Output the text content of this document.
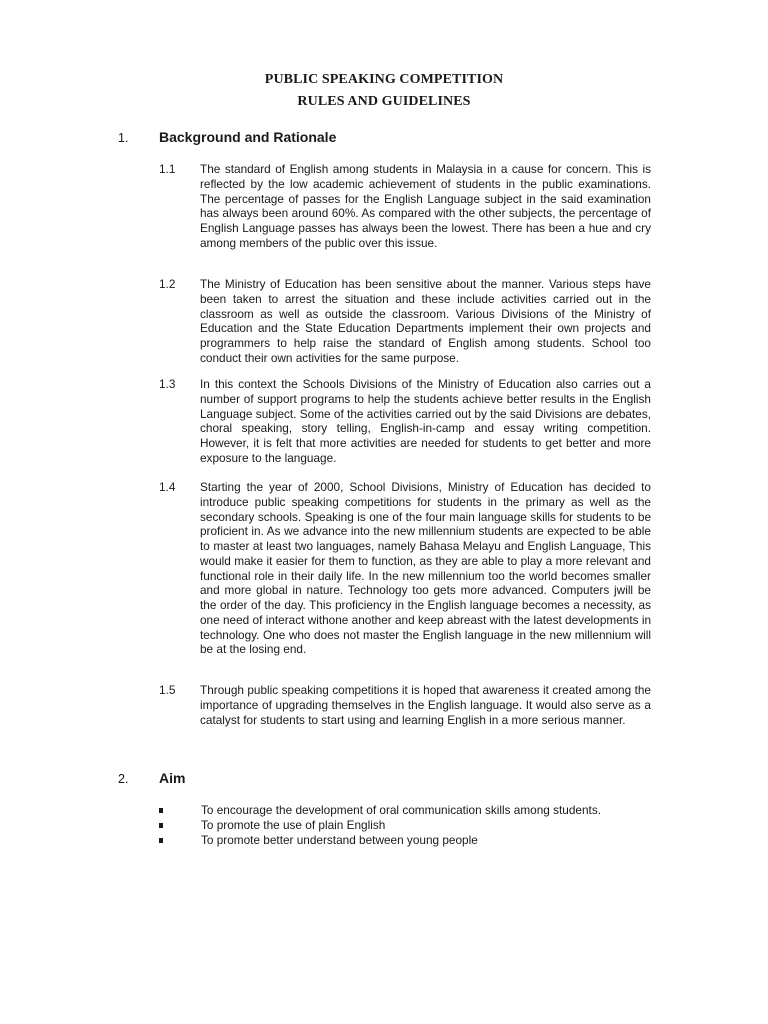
PUBLIC SPEAKING COMPETITION
RULES AND GUIDELINES
1. Background and Rationale
1.1 The standard of English among students in Malaysia in a cause for concern. This is reflected by the low academic achievement of students in the public examinations. The percentage of passes for the English Language subject in the said examination has always been around 60%. As compared with the other subjects, the percentage of English Language passes has always been the lowest. There has been a hue and cry among members of the public over this issue.
1.2 The Ministry of Education has been sensitive about the manner. Various steps have been taken to arrest the situation and these include activities carried out in the classroom as well as outside the classroom. Various Divisions of the Ministry of Education and the State Education Departments implement their own projects and programmers to help raise the standard of English among students. School too conduct their own activities for the same purpose.
1.3 In this context the Schools Divisions of the Ministry of Education also carries out a number of support programs to help the students achieve better results in the English Language subject. Some of the activities carried out by the said Divisions are debates, choral speaking, story telling, English-in-camp and essay writing competition. However, it is felt that more activities are needed for students to get better and more exposure to the language.
1.4 Starting the year of 2000, School Divisions, Ministry of Education has decided to introduce public speaking competitions for students in the primary as well as the secondary schools. Speaking is one of the four main language skills for students to be proficient in. As we advance into the new millennium students are expected to be able to master at least two languages, namely Bahasa Melayu and English Language, This would make it easier for them to function, as they are able to play a more relevant and functional role in their daily life. In the new millennium too the world becomes smaller and more global in nature. Technology too gets more advanced. Computers jwill be the order of the day. This proficiency in the English language becomes a necessity, as one need of interact withone another and keep abreast with the latest developments in technology. One who does not master the English language in the new millennium will be at the losing end.
1.5 Through public speaking competitions it is hoped that awareness it created among the importance of upgrading themselves in the English language. It would also serve as a catalyst for students to start using and learning English in a more serious manner.
2. Aim
To encourage the development of oral communication skills among students.
To promote the use of plain English
To promote better understand between young people
